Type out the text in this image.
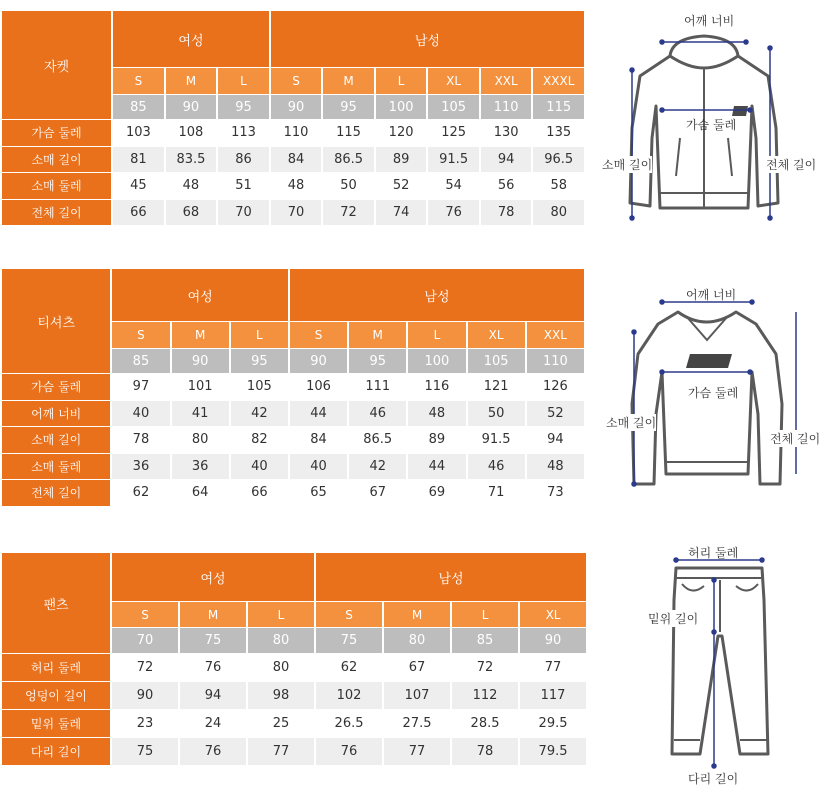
자켓	여성			남성					
	S	M	L	S	M	L	XL	XXL	XXXL
	85	90	95	90	95	100	105	110	115
가슴 둘레	103	108	113	110	115	120	125	130	135
소매 길이	81	83.5	86	84	86.5	89	91.5	94	96.5
소매 둘레	45	48	51	48	50	52	54	56	58
전체 길이	66	68	70	70	72	74	76	78	80
티셔츠	여성			남성				
	S	M	L	S	M	L	XL	XXL
	85	90	95	90	95	100	105	110
가슴 둘레	97	101	105	106	111	116	121	126
어깨 너비	40	41	42	44	46	48	50	52
소매 길이	78	80	82	84	86.5	89	91.5	94
소매 둘레	36	36	40	40	42	44	46	48
전체 길이	62	64	66	65	67	69	71	73
팬츠	여성			남성			
	S	M	L	S	M	L	XL
	70	75	80	75	80	85	90
허리 둘레	72	76	80	62	67	72	77
엉덩이 길이	90	94	98	102	107	112	117
밑위 둘레	23	24	25	26.5	27.5	28.5	29.5
다리 길이	75	76	77	76	77	78	79.5
어깨 너비
가슴 둘레
소매 길이	전체 길이
어깨 너비
가슴 둘레
소매 길이
전체 길이
허리 둘레
밑위 길이
다리 길이
